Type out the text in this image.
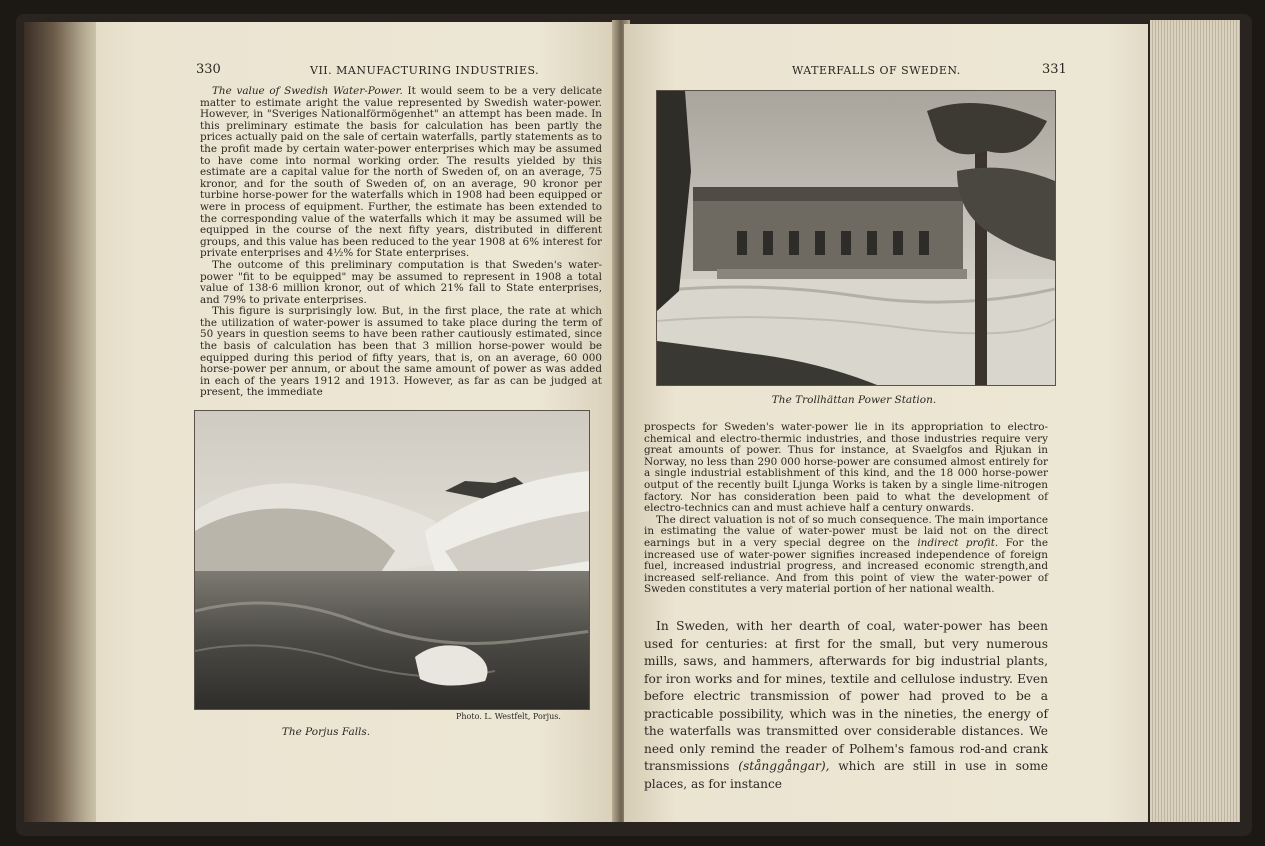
330	VII. MANUFACTURING INDUSTRIES.

The value of Swedish Water-Power. It would seem to be a very delicate matter to estimate aright the value represented by Swedish water-power. However, in "Sveriges Nationalförmögenhet" an attempt has been made. In this preliminary estimate the basis for calculation has been partly the prices actually paid on the sale of certain waterfalls, partly statements as to the profit made by certain water-power enterprises which may be assumed to have come into normal working order. The results yielded by this estimate are a capital value for the north of Sweden of, on an average, 75 kronor, and for the south of Sweden of, on an average, 90 kronor per turbine horse-power for the waterfalls which in 1908 had been equipped or were in process of equipment. Further, the estimate has been extended to the corresponding value of the waterfalls which it may be assumed will be equipped in the course of the next fifty years, distributed in different groups, and this value has been reduced to the year 1908 at 6% interest for private enterprises and 4½% for State enterprises.

The outcome of this preliminary computation is that Sweden's water-power "fit to be equipped" may be assumed to represent in 1908 a total value of 138·6 million kronor, out of which 21% fall to State enterprises, and 79% to private enterprises.

This figure is surprisingly low. But, in the first place, the rate at which the utilization of water-power is assumed to take place during the term of 50 years in question seems to have been rather cautiously estimated, since the basis of calculation has been that 3 million horse-power would be equipped during this period of fifty years, that is, on an average, 60 000 horse-power per annum, or about the same amount of power as was added in each of the years 1912 and 1913. However, as far as can be judged at present, the immediate

Photo. L. Westfelt, Porjus.
The Porjus Falls.
WATERFALLS OF SWEDEN.	331
The Trollhättan Power Station.

prospects for Sweden's water-power lie in its appropriation to electro-chemical and electro-thermic industries, and those industries require very great amounts of power. Thus for instance, at Svaelgfos and Rjukan in Norway, no less than 290 000 horse-power are consumed almost entirely for a single industrial establishment of this kind, and the 18 000 horse-power output of the recently built Ljunga Works is taken by a single lime-nitrogen factory. Nor has consideration been paid to what the development of electro-technics can and must achieve half a century onwards.

The direct valuation is not of so much consequence. The main importance in estimating the value of water-power must be laid not on the direct earnings but in a very special degree on the indirect profit. For the increased use of water-power signifies increased independence of foreign fuel, increased industrial progress, and increased economic strength,and increased self-reliance. And from this point of view the water-power of Sweden constitutes a very material portion of her national wealth.

In Sweden, with her dearth of coal, water-power has been used for centuries: at first for the small, but very numerous mills, saws, and hammers, afterwards for big industrial plants, for iron works and for mines, textile and cellulose industry. Even before electric transmission of power had proved to be a practicable possibility, which was in the nineties, the energy of the waterfalls was transmitted over considerable distances. We need only remind the reader of Polhem's famous rod-and crank transmissions (stånggångar), which are still in use in some places, as for instance
